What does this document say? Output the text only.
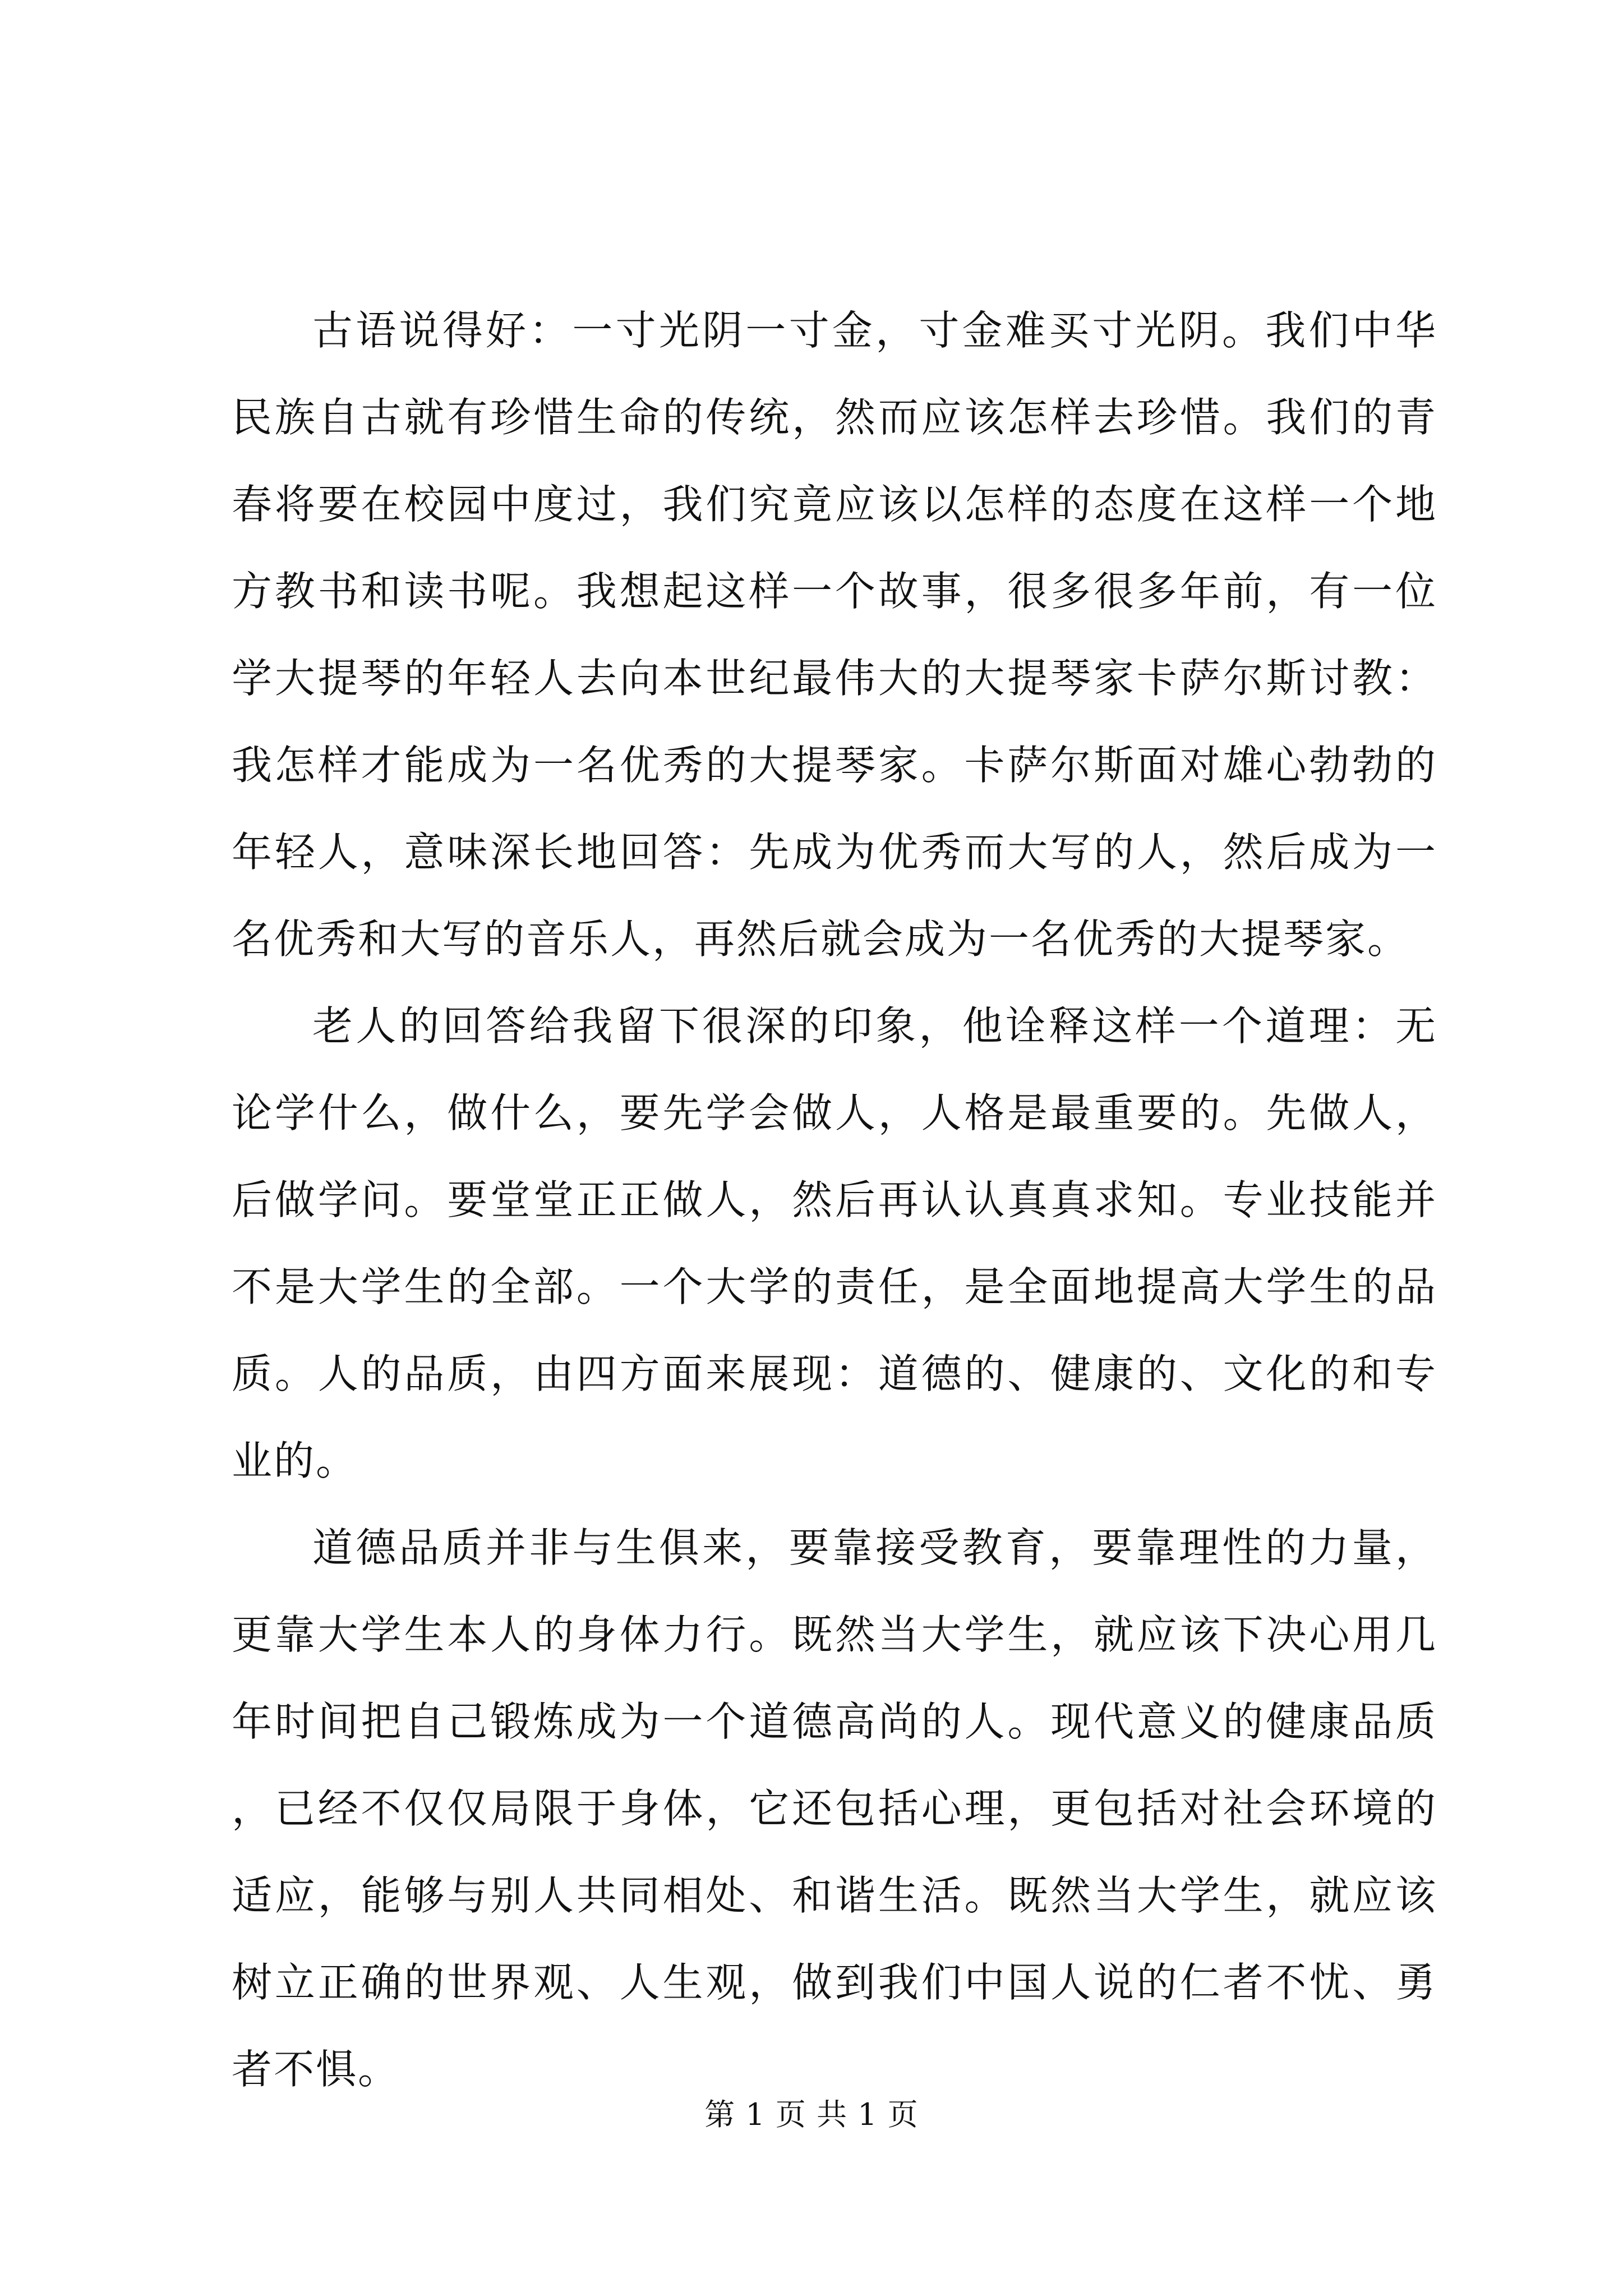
古语说得好：一寸光阴一寸金，寸金难买寸光阴。我们中华民族自古就有珍惜生命的传统，然而应该怎样去珍惜。我们的青春将要在校园中度过，我们究竟应该以怎样的态度在这样一个地方教书和读书呢。我想起这样一个故事，很多很多年前，有一位学大提琴的年轻人去向本世纪最伟大的大提琴家卡萨尔斯讨教：我怎样才能成为一名优秀的大提琴家。卡萨尔斯面对雄心勃勃的年轻人，意味深长地回答：先成为优秀而大写的人，然后成为一名优秀和大写的音乐人，再然后就会成为一名优秀的大提琴家。

老人的回答给我留下很深的印象，他诠释这样一个道理：无论学什么，做什么，要先学会做人，人格是最重要的。先做人，后做学问。要堂堂正正做人，然后再认认真真求知。专业技能并不是大学生的全部。一个大学的责任，是全面地提高大学生的品质。人的品质，由四方面来展现：道德的、健康的、文化的和专业的。

道德品质并非与生俱来，要靠接受教育，要靠理性的力量，更靠大学生本人的身体力行。既然当大学生，就应该下决心用几年时间把自己锻炼成为一个道德高尚的人。现代意义的健康品质，已经不仅仅局限于身体，它还包括心理，更包括对社会环境的适应，能够与别人共同相处、和谐生活。既然当大学生，就应该树立正确的世界观、人生观，做到我们中国人说的仁者不忧、勇者不惧。

第 1 页 共 1 页
